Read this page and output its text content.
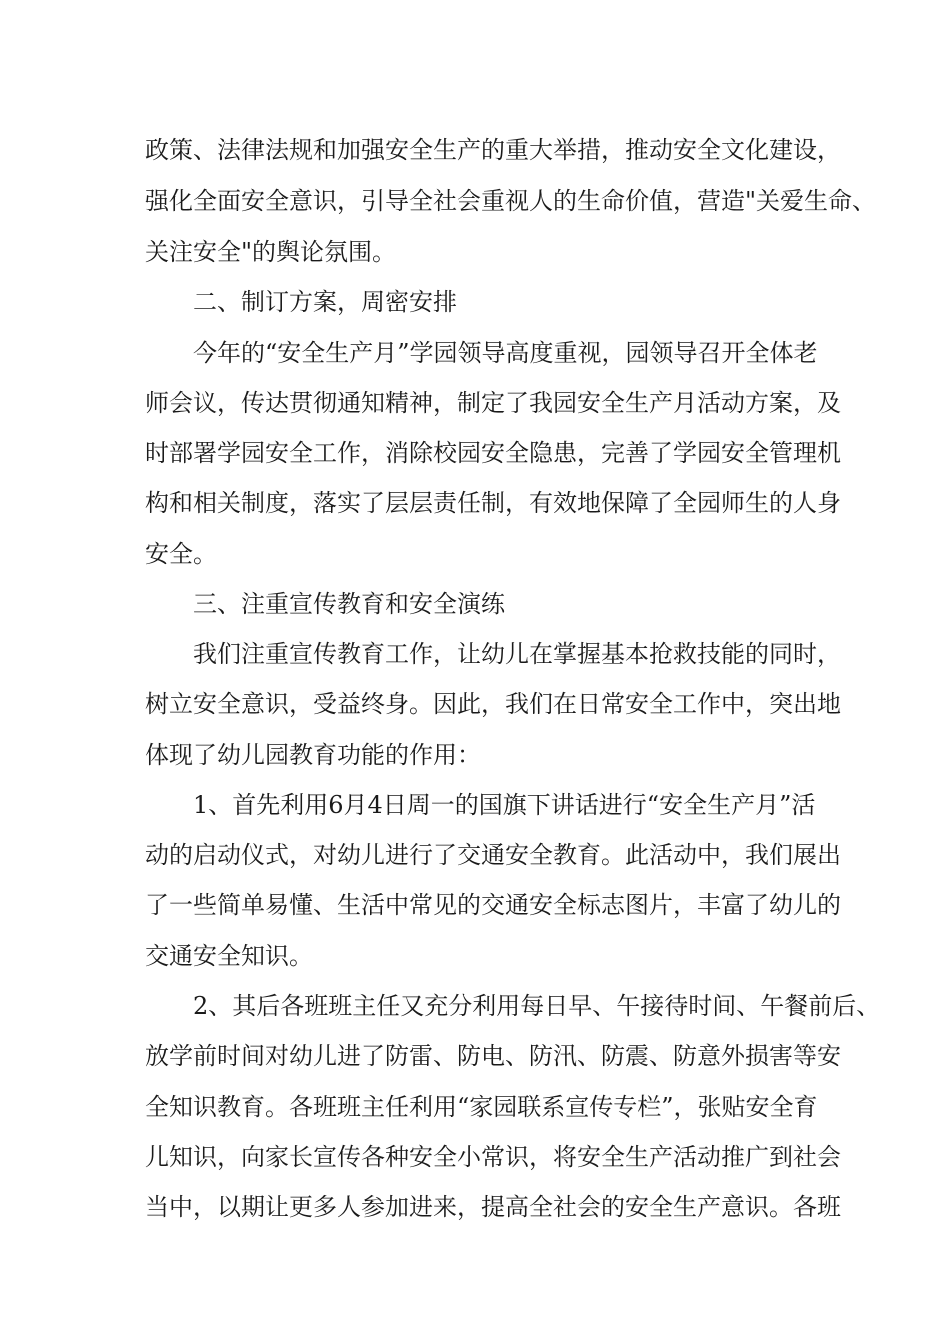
政策、法律法规和加强安全生产的重大举措，推动安全文化建设，
强化全面安全意识，引导全社会重视人的生命价值，营造"关爱生命、
关注安全"的舆论氛围。
二、制订方案，周密安排
今年的“安全生产月”学园领导高度重视，园领导召开全体老
师会议，传达贯彻通知精神，制定了我园安全生产月活动方案，及
时部署学园安全工作，消除校园安全隐患，完善了学园安全管理机
构和相关制度，落实了层层责任制，有效地保障了全园师生的人身
安全。
三、注重宣传教育和安全演练
我们注重宣传教育工作，让幼儿在掌握基本抢救技能的同时，
树立安全意识，受益终身。因此，我们在日常安全工作中，突出地
体现了幼儿园教育功能的作用：
1、首先利用6月4日周一的国旗下讲话进行“安全生产月”活
动的启动仪式，对幼儿进行了交通安全教育。此活动中，我们展出
了一些简单易懂、生活中常见的交通安全标志图片，丰富了幼儿的
交通安全知识。
2、其后各班班主任又充分利用每日早、午接待时间、午餐前后、
放学前时间对幼儿进了防雷、防电、防汛、防震、防意外损害等安
全知识教育。各班班主任利用“家园联系宣传专栏”，张贴安全育
儿知识，向家长宣传各种安全小常识，将安全生产活动推广到社会
当中，以期让更多人参加进来，提高全社会的安全生产意识。各班
